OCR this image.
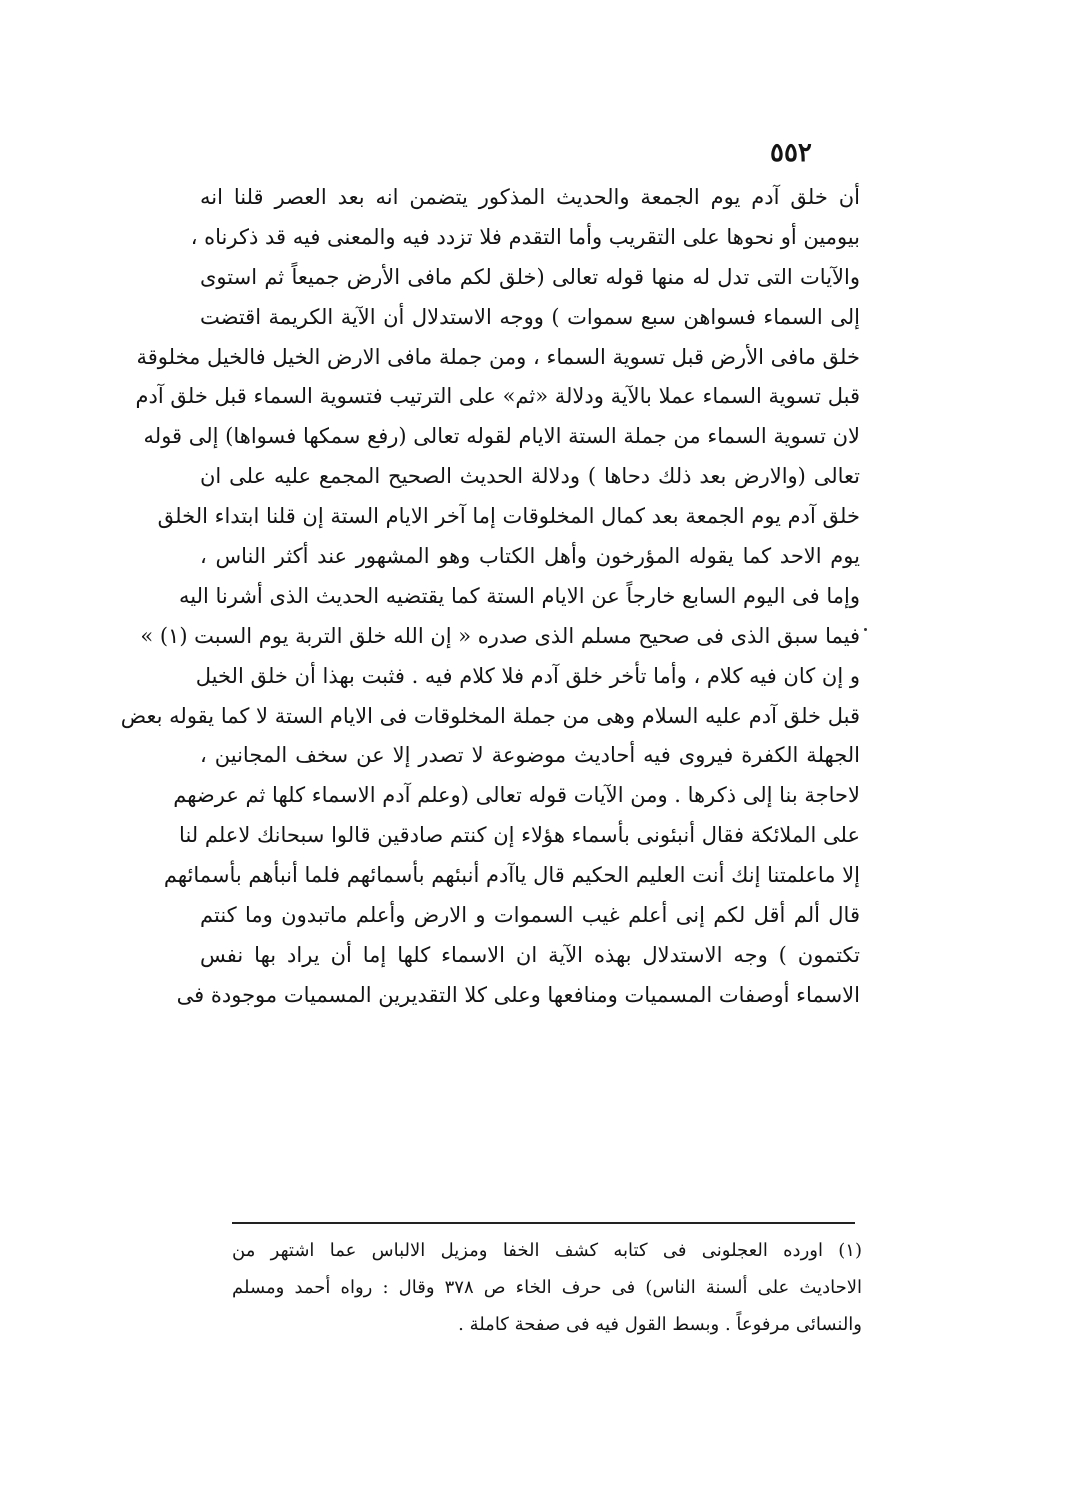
٥٥٢
أن خلق آدم يوم الجمعة والحديث المذكور يتضمن انه بعد العصر قلنا انه
بيومين أو نحوها على التقريب وأما التقدم فلا تزدد فيه والمعنى فيه قد ذكرناه ،
والآيات التى تدل له منها قوله تعالى (خلق لكم مافى الأرض جميعاً ثم استوى
إلى السماء فسواهن سبع سموات ) ووجه الاستدلال أن الآية الكريمة اقتضت
خلق مافى الأرض قبل تسوية السماء ، ومن جملة مافى الارض الخيل فالخيل مخلوقة
قبل تسوية السماء عملا بالآية ودلالة «ثم» على الترتيب فتسوية السماء قبل خلق آدم
لان تسوية السماء من جملة الستة الايام لقوله تعالى (رفع سمكها فسواها) إلى قوله
تعالى (والارض بعد ذلك دحاها ) ودلالة الحديث الصحيح المجمع عليه على ان
خلق آدم يوم الجمعة بعد كمال المخلوقات إما آخر الايام الستة إن قلنا ابتداء الخلق
يوم الاحد كما يقوله المؤرخون وأهل الكتاب وهو المشهور عند أكثر الناس ،
وإما فى اليوم السابع خارجاً عن الايام الستة كما يقتضيه الحديث الذى أشرنا اليه
فيما سبق الذى فى صحيح مسلم الذى صدره « إن الله خلق التربة يوم السبت (١) »
و إن كان فيه كلام ، وأما تأخر خلق آدم فلا كلام فيه . فثبت بهذا أن خلق الخيل
قبل خلق آدم عليه السلام وهى من جملة المخلوقات فى الايام الستة لا كما يقوله بعض
الجهلة الكفرة فيروى فيه أحاديث موضوعة لا تصدر إلا عن سخف المجانين ،
لاحاجة بنا إلى ذكرها . ومن الآيات قوله تعالى (وعلم آدم الاسماء كلها ثم عرضهم
على الملائكة فقال أنبئونى بأسماء هؤلاء إن كنتم صادقين قالوا سبحانك لاعلم لنا
إلا ماعلمتنا إنك أنت العليم الحكيم قال ياآدم أنبئهم بأسمائهم فلما أنبأهم بأسمائهم
قال ألم أقل لكم إنى أعلم غيب السموات و الارض وأعلم ماتبدون وما كنتم
تكتمون ) وجه الاستدلال بهذه الآية ان الاسماء كلها إما أن يراد بها نفس
الاسماء أوصفات المسميات ومنافعها وعلى كلا التقديرين المسميات موجودة فى
(١) اورده العجلونى فى كتابه كشف الخفا ومزيل الالباس عما اشتهر من
الاحاديث على ألسنة الناس) فى حرف الخاء ص ٣٧٨ وقال : رواه أحمد ومسلم
والنسائى مرفوعاً . وبسط القول فيه فى صفحة كاملة .
